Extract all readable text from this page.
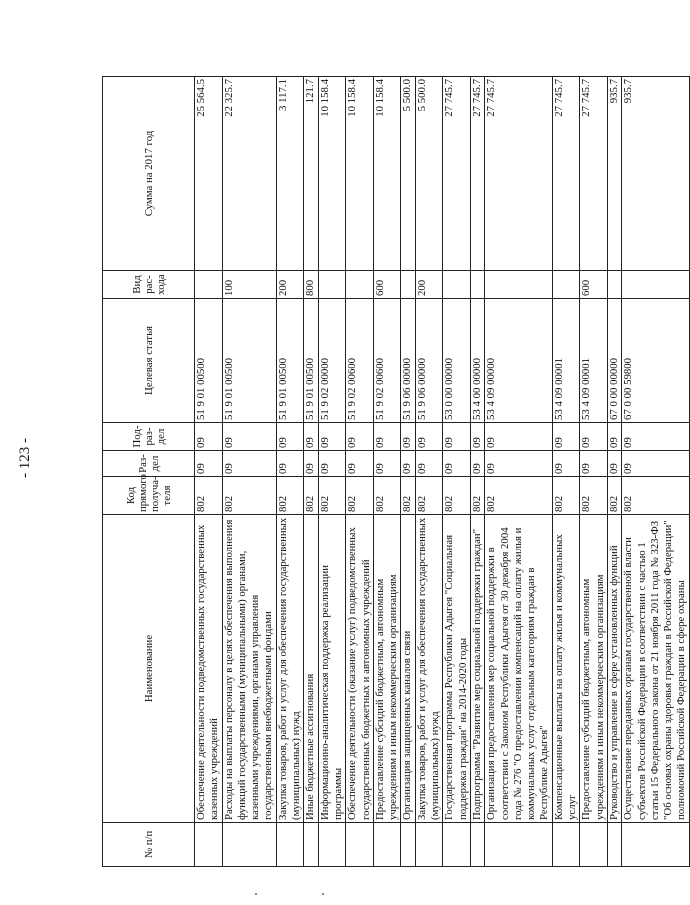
- 123 -
№ п/п	Наименование	Код прямого получа-теля	Раз-дел	Под-раз-дел	Целевая статья	Вид рас-хода	Сумма на 2017 год
	Обеспечение деятельности подведомственных государственных казенных учреждений	802	09	09	51 9 01 00500		25 564.5
	Расходы на выплаты персоналу в целях обеспечения выполнения функций государственными (муниципальными) органами, казенными учреждениями, органами управления государственными внебюджетными фондами	802	09	09	51 9 01 00500	100	22 325.7
	Закупка товаров, работ и услуг для обеспечения государственных (муниципальных) нужд	802	09	09	51 9 01 00500	200	3 117.1
	Иные бюджетные ассигнования	802	09	09	51 9 01 00500	800	121.7
	Информационно-аналитическая поддержка реализации программы	802	09	09	51 9 02 00000		10 158.4
	Обеспечение деятельности (оказание услуг) подведомственных государственных бюджетных и автономных учреждений	802	09	09	51 9 02 00600		10 158.4
	Предоставление субсидий бюджетным, автономным учреждениям и иным некоммерческим организациям	802	09	09	51 9 02 00600	600	10 158.4
	Организация защищенных каналов связи	802	09	09	51 9 06 00000		5 500.0
	Закупка товаров, работ и услуг для обеспечения государственных (муниципальных) нужд	802	09	09	51 9 06 00000	200	5 500.0
	Государственная программа Республики Адыгея "Социальная поддержка граждан" на 2014-2020 годы	802	09	09	53 0 00 00000		27 745.7
	Подпрограмма "Развитие мер социальной поддержки граждан"	802	09	09	53 4 00 00000		27 745.7
	Организация предоставления мер социальной поддержки в соответствии с Законом Республики Адыгея от 30 декабря 2004 года № 276 "О предоставлении компенсаций на оплату жилья и коммунальных услуг отдельным категориям граждан в Республике Адыгея"	802	09	09	53 4 09 00000		27 745.7
	Компенсационные выплаты на оплату жилья и коммунальных услуг	802	09	09	53 4 09 00001		27 745.7
	Предоставление субсидий бюджетным, автономным учреждениям и иным некоммерческим организациям	802	09	09	53 4 09 00001	600	27 745.7
	Руководство и управление в сфере установленных функций	802	09	09	67 0 00 00000		935.7
	Осуществление переданных органам государственной власти субъектов Российской Федерации в соответствии с частью 1 статьи 15 Федерального закона от 21 ноября 2011 года № 323-ФЗ "Об основах охраны здоровья граждан в Российской Федерации" полномочий Российской Федерации в сфере охраны	802	09	09	67 0 00 59800		935.7
